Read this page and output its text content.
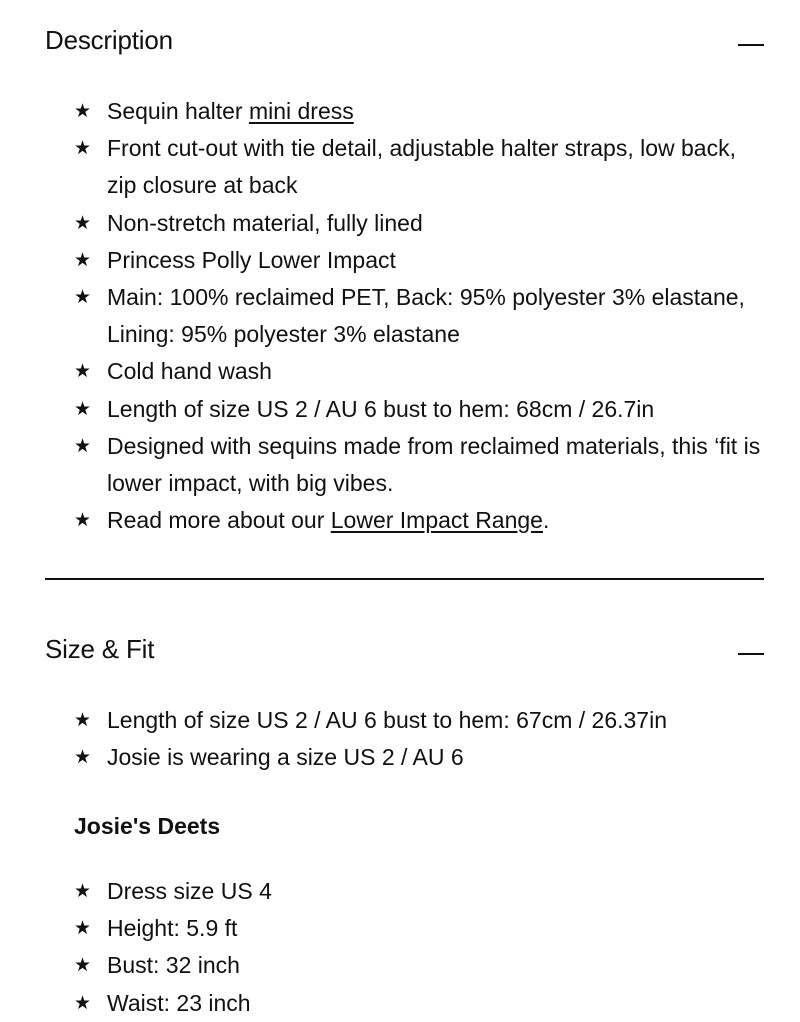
Description
★ Sequin halter mini dress
★ Front cut-out with tie detail, adjustable halter straps, low back, zip closure at back
★ Non-stretch material, fully lined
★ Princess Polly Lower Impact
★ Main: 100% reclaimed PET, Back: 95% polyester 3% elastane, Lining: 95% polyester 3% elastane
★ Cold hand wash
★ Length of size US 2 / AU 6 bust to hem: 68cm / 26.7in
★ Designed with sequins made from reclaimed materials, this ‘fit is lower impact, with big vibes.
★ Read more about our Lower Impact Range.
Size & Fit
★ Length of size US 2 / AU 6 bust to hem: 67cm / 26.37in
★ Josie is wearing a size US 2 / AU 6
Josie's Deets
★ Dress size US 4
★ Height: 5.9 ft
★ Bust: 32 inch
★ Waist: 23 inch
